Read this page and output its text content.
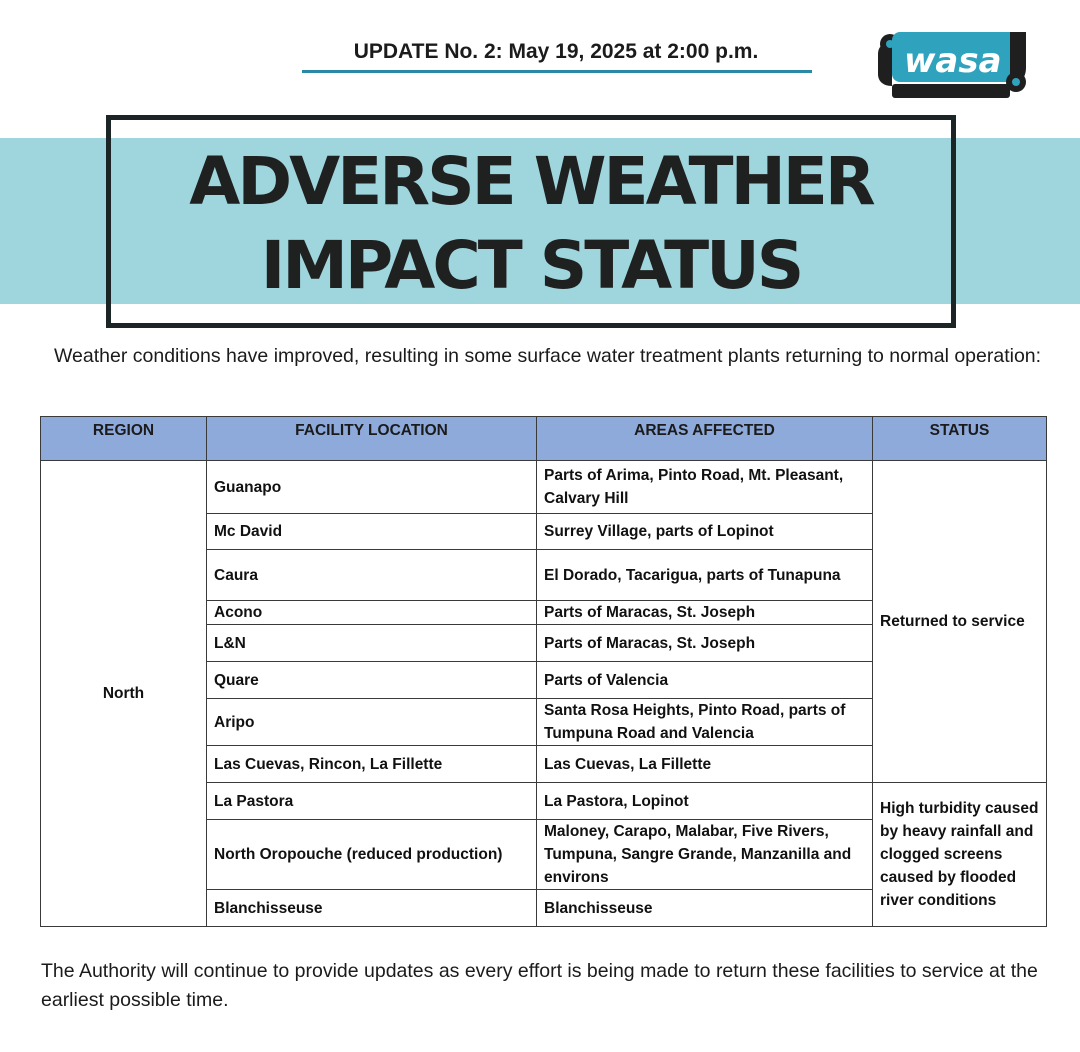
UPDATE No. 2: May 19, 2025 at 2:00 p.m.	wasa
ADVERSE WEATHER
IMPACT STATUS
Weather conditions have improved, resulting in some surface water treatment plants returning to normal operation:
REGION	FACILITY LOCATION	AREAS AFFECTED	STATUS
North	Guanapo	Parts of Arima, Pinto Road, Mt. Pleasant, Calvary Hill	Returned to service
	Mc David	Surrey Village, parts of Lopinot	
	Caura	El Dorado, Tacarigua, parts of Tunapuna	
	Acono	Parts of Maracas, St. Joseph	
	L&N	Parts of Maracas, St. Joseph	
	Quare	Parts of Valencia	
	Aripo	Santa Rosa Heights, Pinto Road, parts of Tumpuna Road and Valencia	
	Las Cuevas, Rincon, La Fillette	Las Cuevas, La Fillette	
	La Pastora	La Pastora, Lopinot	High turbidity caused by heavy rainfall and clogged screens caused by flooded river conditions
	North Oropouche (reduced production)	Maloney, Carapo, Malabar, Five Rivers, Tumpuna, Sangre Grande, Manzanilla and environs	
	Blanchisseuse	Blanchisseuse	
The Authority will continue to provide updates as every effort is being made to return these facilities to service at the earliest possible time.
